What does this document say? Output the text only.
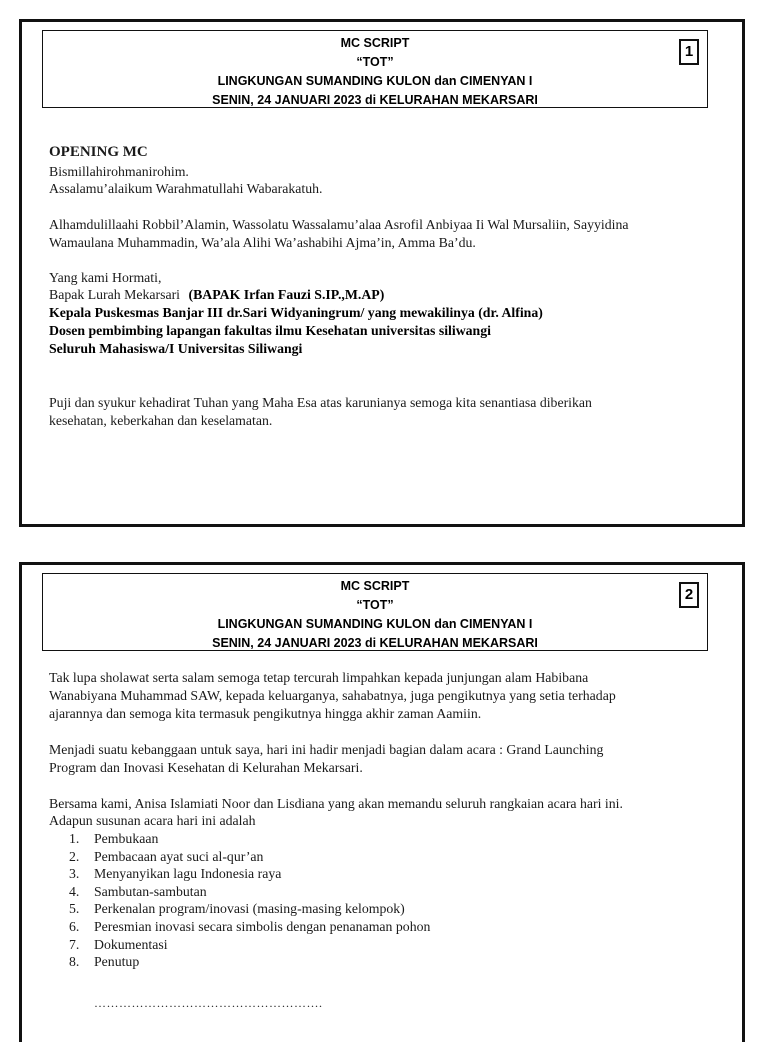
MC SCRIPT
“TOT”
LINGKUNGAN SUMANDING KULON dan CIMENYAN I
SENIN, 24 JANUARI 2023 di KELURAHAN MEKARSARI
1
OPENING MC
Bismillahirohmanirohim.
Assalamu’alaikum Warahmatullahi Wabarakatuh.
Alhamdulillaahi Robbil’Alamin, Wassolatu Wassalamu’alaa Asrofil Anbiyaa Ii Wal Mursaliin, Sayyidina
Wamaulana Muhammadin, Wa’ala Alihi Wa’ashabihi Ajma’in, Amma Ba’du.
Yang kami Hormati,
Bapak Lurah Mekarsari (BAPAK Irfan Fauzi S.IP.,M.AP)
Kepala Puskesmas Banjar III dr.Sari Widyaningrum/ yang mewakilinya (dr. Alfina)
Dosen pembimbing lapangan fakultas ilmu Kesehatan universitas siliwangi
Seluruh Mahasiswa/I Universitas Siliwangi
Puji dan syukur kehadirat Tuhan yang Maha Esa atas karunianya semoga kita senantiasa diberikan
kesehatan, keberkahan dan keselamatan.
MC SCRIPT
“TOT”
LINGKUNGAN SUMANDING KULON dan CIMENYAN I
SENIN, 24 JANUARI 2023 di KELURAHAN MEKARSARI
2
Tak lupa sholawat serta salam semoga tetap tercurah limpahkan kepada junjungan alam Habibana
Wanabiyana Muhammad SAW, kepada keluarganya, sahabatnya, juga pengikutnya yang setia terhadap
ajarannya dan semoga kita termasuk pengikutnya hingga akhir zaman Aamiin.
Menjadi suatu kebanggaan untuk saya, hari ini hadir menjadi bagian dalam acara : Grand Launching
Program dan Inovasi Kesehatan di Kelurahan Mekarsari.
Bersama kami, Anisa Islamiati Noor dan Lisdiana yang akan memandu seluruh rangkaian acara hari ini.
Adapun susunan acara hari ini adalah
1.	Pembukaan
2.	Pembacaan ayat suci al-qur’an
3.	Menyanyikan lagu Indonesia raya
4.	Sambutan-sambutan
5.	Perkenalan program/inovasi (masing-masing kelompok)
6.	Peresmian inovasi secara simbolis dengan penanaman pohon
7.	Dokumentasi
8.	Penutup
……………………………………………….
